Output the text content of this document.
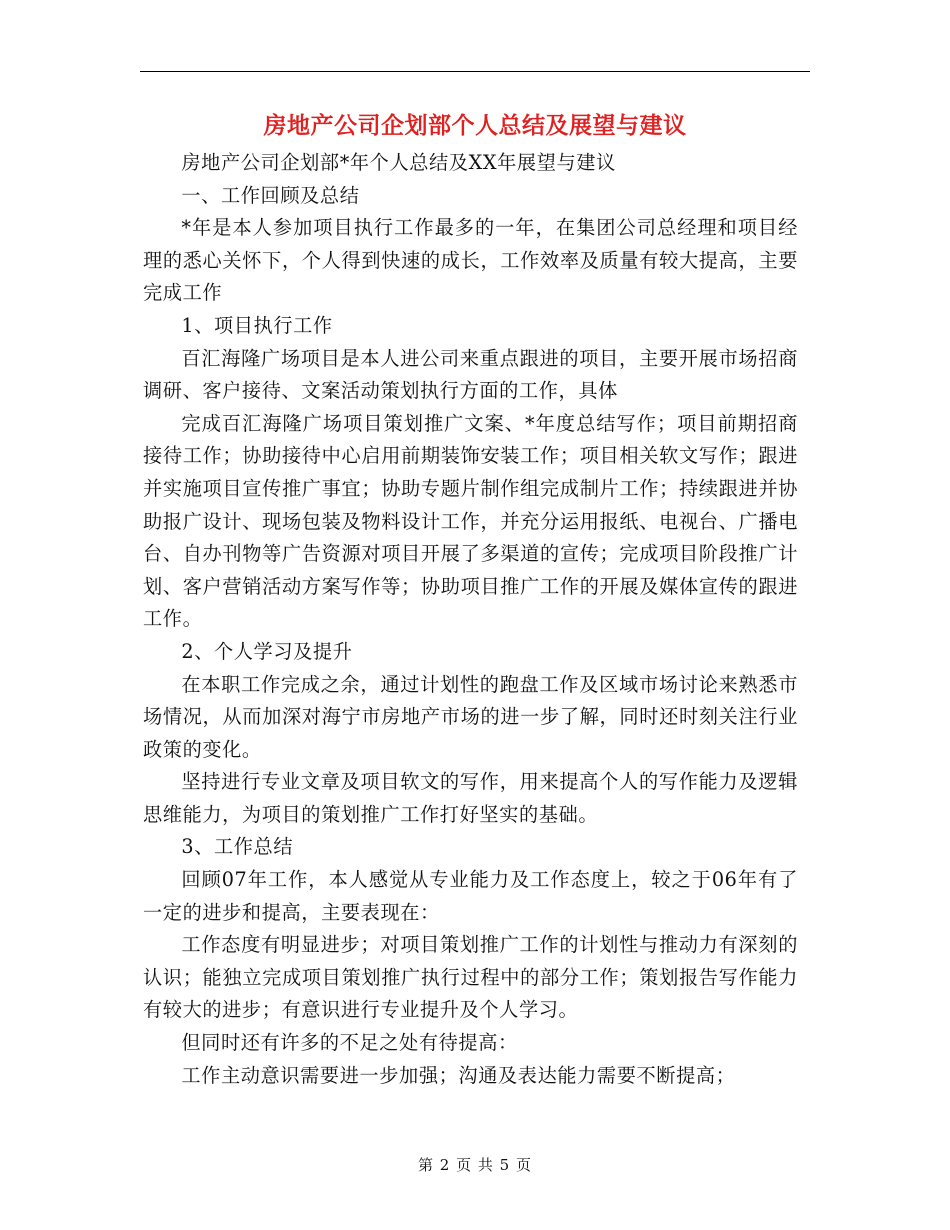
房地产公司企划部个人总结及展望与建议

房地产公司企划部*年个人总结及XX年展望与建议

一、工作回顾及总结

*年是本人参加项目执行工作最多的一年，在集团公司总经理和项目经理的悉心关怀下，个人得到快速的成长，工作效率及质量有较大提高，主要完成工作

1、项目执行工作

百汇海隆广场项目是本人进公司来重点跟进的项目，主要开展市场招商调研、客户接待、文案活动策划执行方面的工作，具体

完成百汇海隆广场项目策划推广文案、*年度总结写作；项目前期招商接待工作；协助接待中心启用前期装饰安装工作；项目相关软文写作；跟进并实施项目宣传推广事宜；协助专题片制作组完成制片工作；持续跟进并协助报广设计、现场包装及物料设计工作，并充分运用报纸、电视台、广播电台、自办刊物等广告资源对项目开展了多渠道的宣传；完成项目阶段推广计划、客户营销活动方案写作等；协助项目推广工作的开展及媒体宣传的跟进工作。

2、个人学习及提升

在本职工作完成之余，通过计划性的跑盘工作及区域市场讨论来熟悉市场情况，从而加深对海宁市房地产市场的进一步了解，同时还时刻关注行业政策的变化。

坚持进行专业文章及项目软文的写作，用来提高个人的写作能力及逻辑思维能力，为项目的策划推广工作打好坚实的基础。

3、工作总结

回顾07年工作，本人感觉从专业能力及工作态度上，较之于06年有了一定的进步和提高，主要表现在：

工作态度有明显进步；对项目策划推广工作的计划性与推动力有深刻的认识；能独立完成项目策划推广执行过程中的部分工作；策划报告写作能力有较大的进步；有意识进行专业提升及个人学习。

但同时还有许多的不足之处有待提高：

工作主动意识需要进一步加强；沟通及表达能力需要不断提高；

第 2 页 共 5 页
